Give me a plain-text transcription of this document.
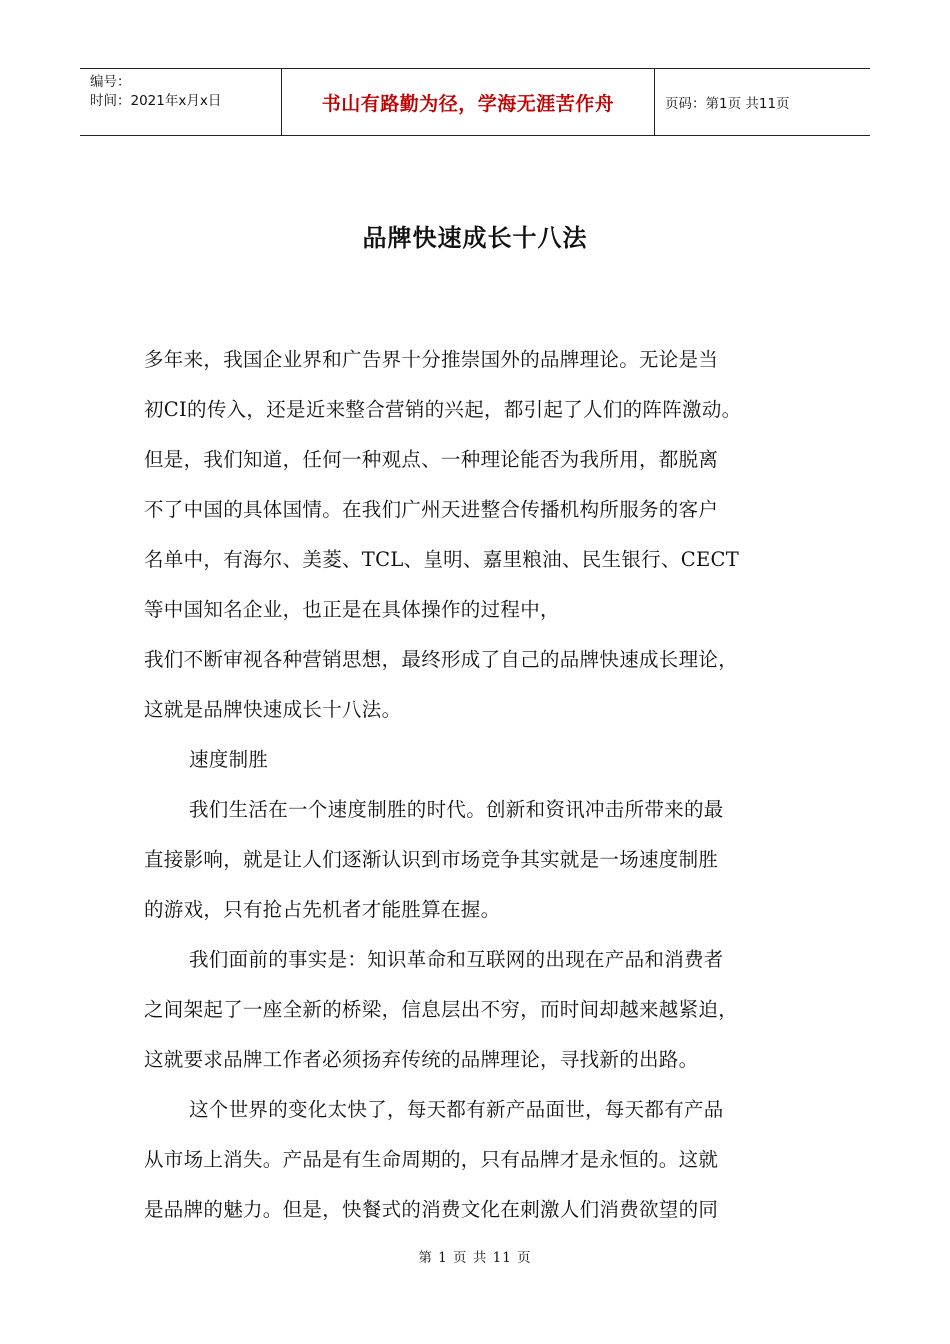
编号：
时间：2021年x月x日	书山有路勤为径，学海无涯苦作舟	页码：第1页 共11页
品牌快速成长十八法
多年来，我国企业界和广告界十分推崇国外的品牌理论。无论是当
初CI的传入，还是近来整合营销的兴起，都引起了人们的阵阵激动。
但是，我们知道，任何一种观点、一种理论能否为我所用，都脱离
不了中国的具体国情。在我们广州天进整合传播机构所服务的客户
名单中，有海尔、美菱、TCL、皇明、嘉里粮油、民生银行、CECT
等中国知名企业，也正是在具体操作的过程中，
我们不断审视各种营销思想，最终形成了自己的品牌快速成长理论，
这就是品牌快速成长十八法。
速度制胜
我们生活在一个速度制胜的时代。创新和资讯冲击所带来的最
直接影响，就是让人们逐渐认识到市场竞争其实就是一场速度制胜
的游戏，只有抢占先机者才能胜算在握。
我们面前的事实是：知识革命和互联网的出现在产品和消费者
之间架起了一座全新的桥梁，信息层出不穷，而时间却越来越紧迫，
这就要求品牌工作者必须扬弃传统的品牌理论，寻找新的出路。
这个世界的变化太快了，每天都有新产品面世，每天都有产品
从市场上消失。产品是有生命周期的，只有品牌才是永恒的。这就
是品牌的魅力。但是，快餐式的消费文化在刺激人们消费欲望的同
第 1 页 共 11 页
